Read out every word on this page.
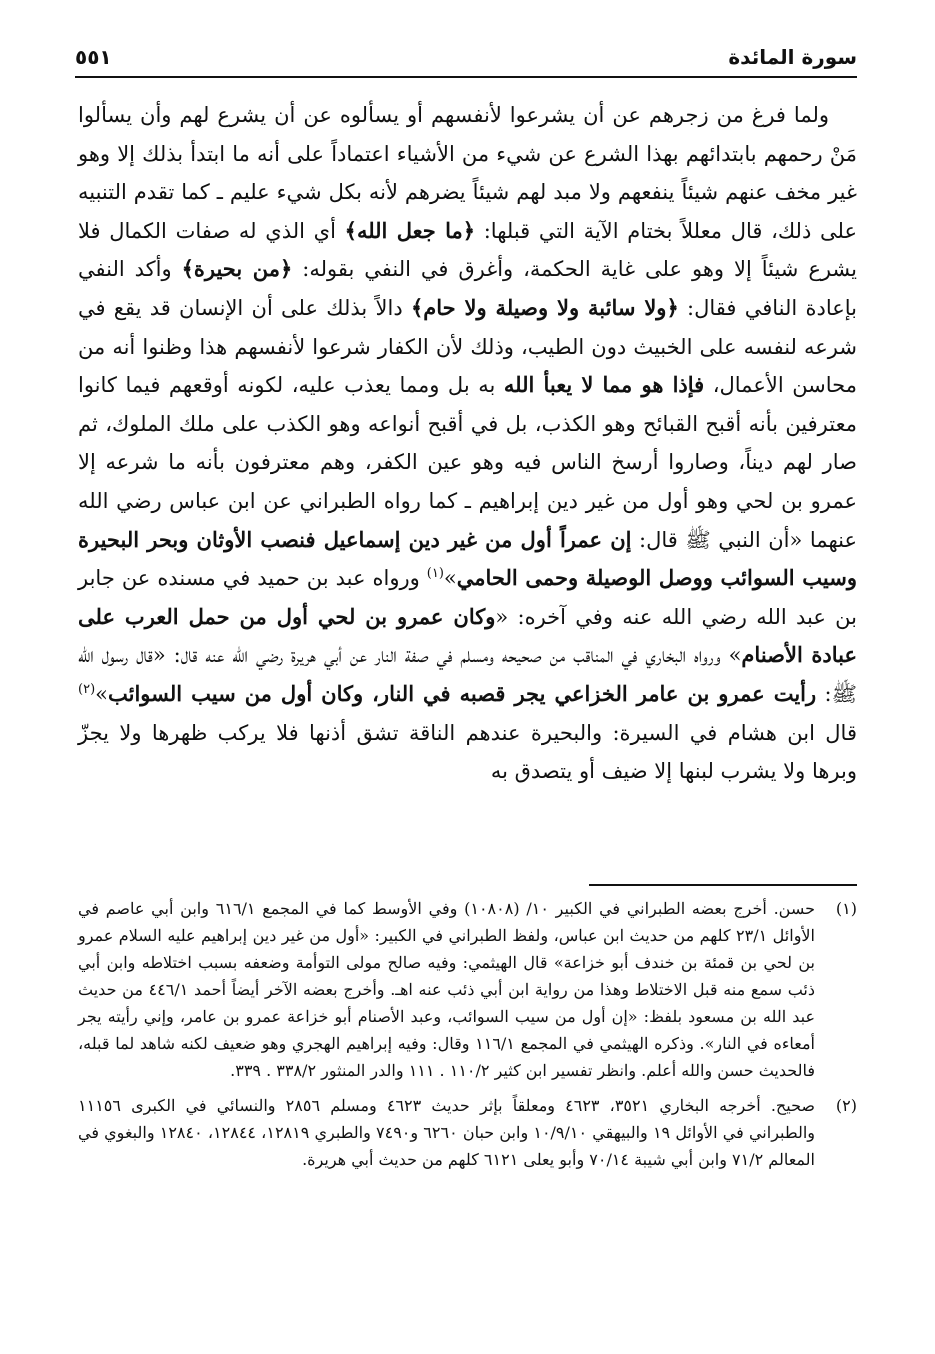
سورة المائدة
٥٥١

ولما فرغ من زجرهم عن أن يشرعوا لأنفسهم أو يسألوه عن أن يشرع لهم وأن يسألوا مَنْ رحمهم بابتدائهم بهذا الشرع عن شيء من الأشياء اعتماداً على أنه ما ابتدأ بذلك إلا وهو غير مخف عنهم شيئاً ينفعهم ولا مبد لهم شيئاً يضرهم لأنه بكل شيء عليم ـ كما تقدم التنبيه على ذلك، قال معللاً بختام الآية التي قبلها: ﴿ما جعل الله﴾ أي الذي له صفات الكمال فلا يشرع شيئاً إلا وهو على غاية الحكمة، وأغرق في النفي بقوله: ﴿من بحيرة﴾ وأكد النفي بإعادة النافي فقال: ﴿ولا سائبة ولا وصيلة ولا حام﴾ دالاً بذلك على أن الإنسان قد يقع في شرعه لنفسه على الخبيث دون الطيب، وذلك لأن الكفار شرعوا لأنفسهم هذا وظنوا أنه من محاسن الأعمال، فإذا هو مما لا يعبأ الله به بل ومما يعذب عليه، لكونه أوقعهم فيما كانوا معترفين بأنه أقبح القبائح وهو الكذب، بل في أقبح أنواعه وهو الكذب على ملك الملوك، ثم صار لهم ديناً، وصاروا أرسخ الناس فيه وهو عين الكفر، وهم معترفون بأنه ما شرعه إلا عمرو بن لحي وهو أول من غير دين إبراهيم ـ كما رواه الطبراني عن ابن عباس رضي الله عنهما «أن النبي ﷺ قال: إن عمراً أول من غير دين إسماعيل فنصب الأوثان وبحر البحيرة وسيب السوائب ووصل الوصيلة وحمى الحامي»$^{(١)}$ ورواه عبد بن حميد في مسنده عن جابر بن عبد الله رضي الله عنه وفي آخره: «وكان عمرو بن لحي أول من حمل العرب على عبادة الأصنام» ورواه البخاري في المناقب من صحيحه ومسلم في صفة النار عن أبي هريرة رضي الله عنه قال: «قال رسول الله ﷺ: رأيت عمرو بن عامر الخزاعي يجر قصبه في النار، وكان أول من سيب السوائب»$^{(٢)}$ قال ابن هشام في السيرة: والبحيرة عندهم الناقة تشق أذنها فلا يركب ظهرها ولا يجزّ وبرها ولا يشرب لبنها إلا ضيف أو يتصدق به

(١)
حسن. أخرج بعضه الطبراني في الكبير ١٠/ (١٠٨٠٨) وفي الأوسط كما في المجمع ٦١٦/١ وابن أبي عاصم في الأوائل ٢٣/١ كلهم من حديث ابن عباس، ولفظ الطبراني في الكبير: «أول من غير دين إبراهيم عليه السلام عمرو بن لحي بن قمئة بن خندف أبو خزاعة» قال الهيثمي: وفيه صالح مولى التوأمة وضعفه بسبب اختلاطه وابن أبي ذئب سمع منه قبل الاختلاط وهذا من رواية ابن أبي ذئب عنه اهـ. وأخرج بعضه الآخر أيضاً أحمد ٤٤٦/١ من حديث عبد الله بن مسعود بلفظ: «إن أول من سيب السوائب، وعبد الأصنام أبو خزاعة عمرو بن عامر، وإني رأيته يجر أمعاءه في النار». وذكره الهيثمي في المجمع ١١٦/١ وقال: وفيه إبراهيم الهجري وهو ضعيف لكنه شاهد لما قبله، فالحديث حسن والله أعلم. وانظر تفسير ابن كثير ١١٠/٢ . ١١١ والدر المنثور ٣٣٨/٢ . ٣٣٩.
(٢)
صحيح. أخرجه البخاري ٣٥٢١، ٤٦٢٣ ومعلقاً بإثر حديث ٤٦٢٣ ومسلم ٢٨٥٦ والنسائي في الكبرى ١١١٥٦ والطبراني في الأوائل ١٩ والبيهقي ١٠/٩/١٠ وابن حبان ٦٢٦٠ و٧٤٩٠ والطبري ١٢٨١٩، ١٢٨٤٤، ١٢٨٤٠ والبغوي في المعالم ٧١/٢ وابن أبي شيبة ٧٠/١٤ وأبو يعلى ٦١٢١ كلهم من حديث أبي هريرة.
